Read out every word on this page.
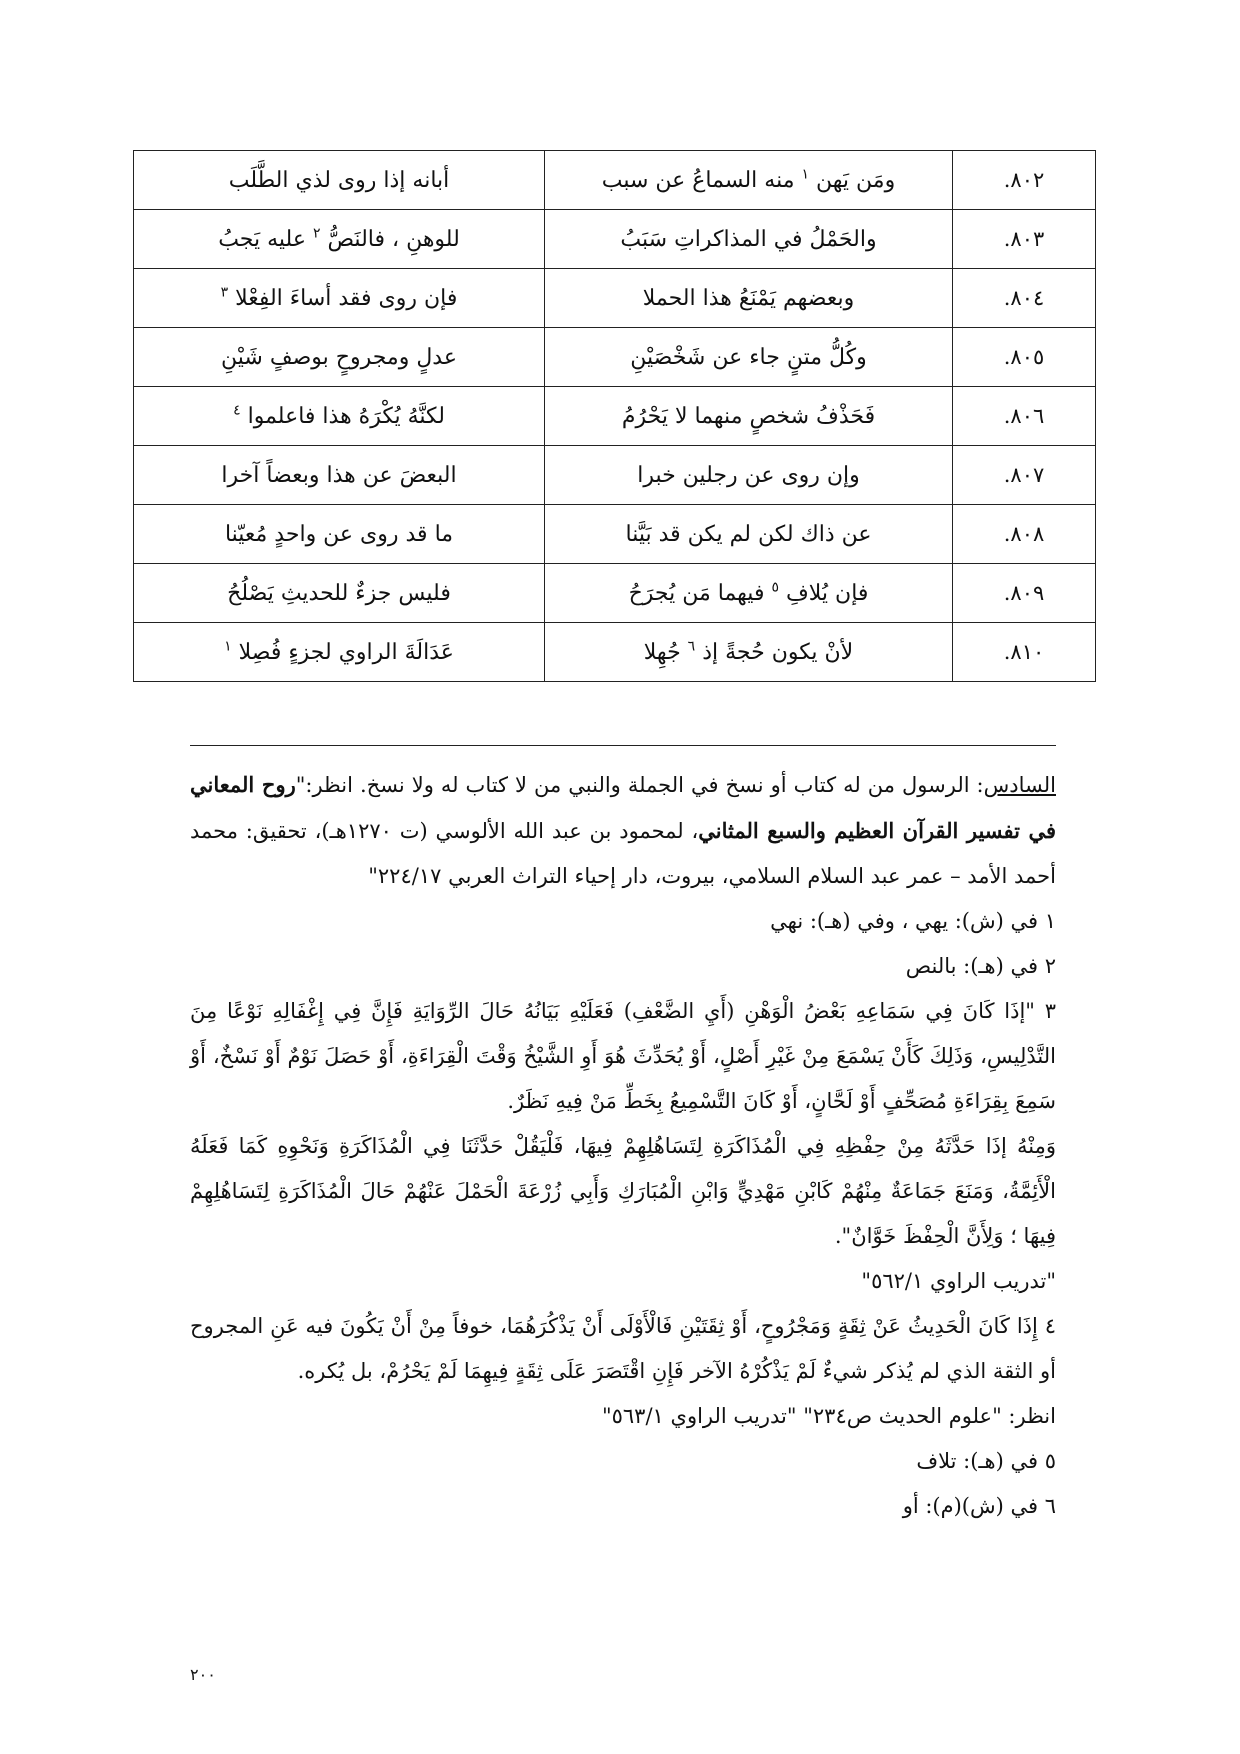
٨٠٢.	ومَن يَهن $^١$ منه السماعُ عن سبب	أبانه إذا روى لذي الطَّلَب
٨٠٣.	والحَمْلُ في المذاكراتِ سَبَبُ	للوهنِ ، فالنَصُّ $^٢$ عليه يَجبُ
٨٠٤.	وبعضهم يَمْنَعُ هذا الحملا	فإن روى فقد أساءَ الفِعْلا $^٣$
٨٠٥.	وكُلُّ متنٍ جاء عن شَخْصَيْنِ	عدلٍ ومجروحٍ بوصفٍ شَيْنِ
٨٠٦.	فَحَذْفُ شخصٍ منهما لا يَحْرُمُ	لكنَّهُ يُكْرَهُ هذا فاعلموا $^٤$
٨٠٧.	وإن روى عن رجلين خبرا	البعضَ عن هذا وبعضاً آخرا
٨٠٨.	عن ذاك لكن لم يكن قد بَيَّنا	ما قد روى عن واحدٍ مُعيّنا
٨٠٩.	فإن يُلافِ $^٥$ فيهما مَن يُجرَحُ	فليس جزءٌ للحديثِ يَصْلُحُ
٨١٠.	لأنْ يكون حُجةً إذ $^٦$ جُهِلا	عَدَالَةَ الراوي لجزءٍ فُصِلا $^١$

السادس: الرسول من له كتاب أو نسخ في الجملة والنبي من لا كتاب له ولا نسخ. انظر:"روح المعاني في تفسير القرآن العظيم والسبع المثاني، لمحمود بن عبد الله الألوسي (ت ١٢٧٠هـ)، تحقيق: محمد أحمد الأمد – عمر عبد السلام السلامي، بيروت، دار إحياء التراث العربي ٢٢٤/١٧"

١ في (ش): يهي ، وفي (هـ): نهي

٢ في (هـ): بالنص

٣ "إذَا كَانَ فِي سَمَاعِهِ بَعْضُ الْوَهْنِ (أَيِ الضَّعْفِ) فَعَلَيْهِ بَيَانُهُ حَالَ الرِّوَايَةِ فَإِنَّ فِي إِغْفَالِهِ نَوْعًا مِنَ التَّدْلِيسِ، وَذَلِكَ كَأَنْ يَسْمَعَ مِنْ غَيْرِ أَصْلٍ، أَوْ يُحَدِّثَ هُوَ أَوِ الشَّيْخُ وَقْتَ الْقِرَاءَةِ، أَوْ حَصَلَ نَوْمٌ أَوْ نَسْخٌ، أَوْ سَمِعَ بِقِرَاءَةِ مُصَحِّفٍ أَوْ لَحَّانٍ، أَوْ كَانَ التَّسْمِيعُ بِخَطِّ مَنْ فِيهِ نَظَرٌ.

وَمِنْهُ إذَا حَدَّثَهُ مِنْ حِفْظِهِ فِي الْمُذَاكَرَةِ لِتَسَاهُلِهِمْ فِيهَا، فَلْيَقُلْ حَدَّثَنَا فِي الْمُذَاكَرَةِ وَنَحْوِهِ كَمَا فَعَلَهُ الْأَئِمَّةُ، وَمَنَعَ جَمَاعَةٌ مِنْهُمْ كَابْنِ مَهْدِيٍّ وَابْنِ الْمُبَارَكِ وَأَبِي زُرْعَةَ الْحَمْلَ عَنْهُمْ حَالَ الْمُذَاكَرَةِ لِتَسَاهُلِهِمْ فِيهَا ؛ وَلِأَنَّ الْحِفْظَ خَوَّانٌ".

"تدريب الراوي ٥٦٢/١"

٤ إِذَا كَانَ الْحَدِيثُ عَنْ ثِقَةٍ وَمَجْرُوحٍ، أَوْ ثِقَتَيْنِ فَالْأَوْلَى أَنْ يَذْكُرَهُمَا، خوفاً مِنْ أَنْ يَكُونَ فيه عَنِ المجروح أو الثقة الذي لم يُذكر شيءٌ لَمْ يَذْكُرْهُ الآخر فَإِنِ اقْتَصَرَ عَلَى ثِقَةٍ فِيهِمَا لَمْ يَحْرُمْ، بل يُكره.

انظر: "علوم الحديث ص٢٣٤" "تدريب الراوي ٥٦٣/١"

٥ في (هـ): تلاف

٦ في (ش)(م): أو

٢٠٠
